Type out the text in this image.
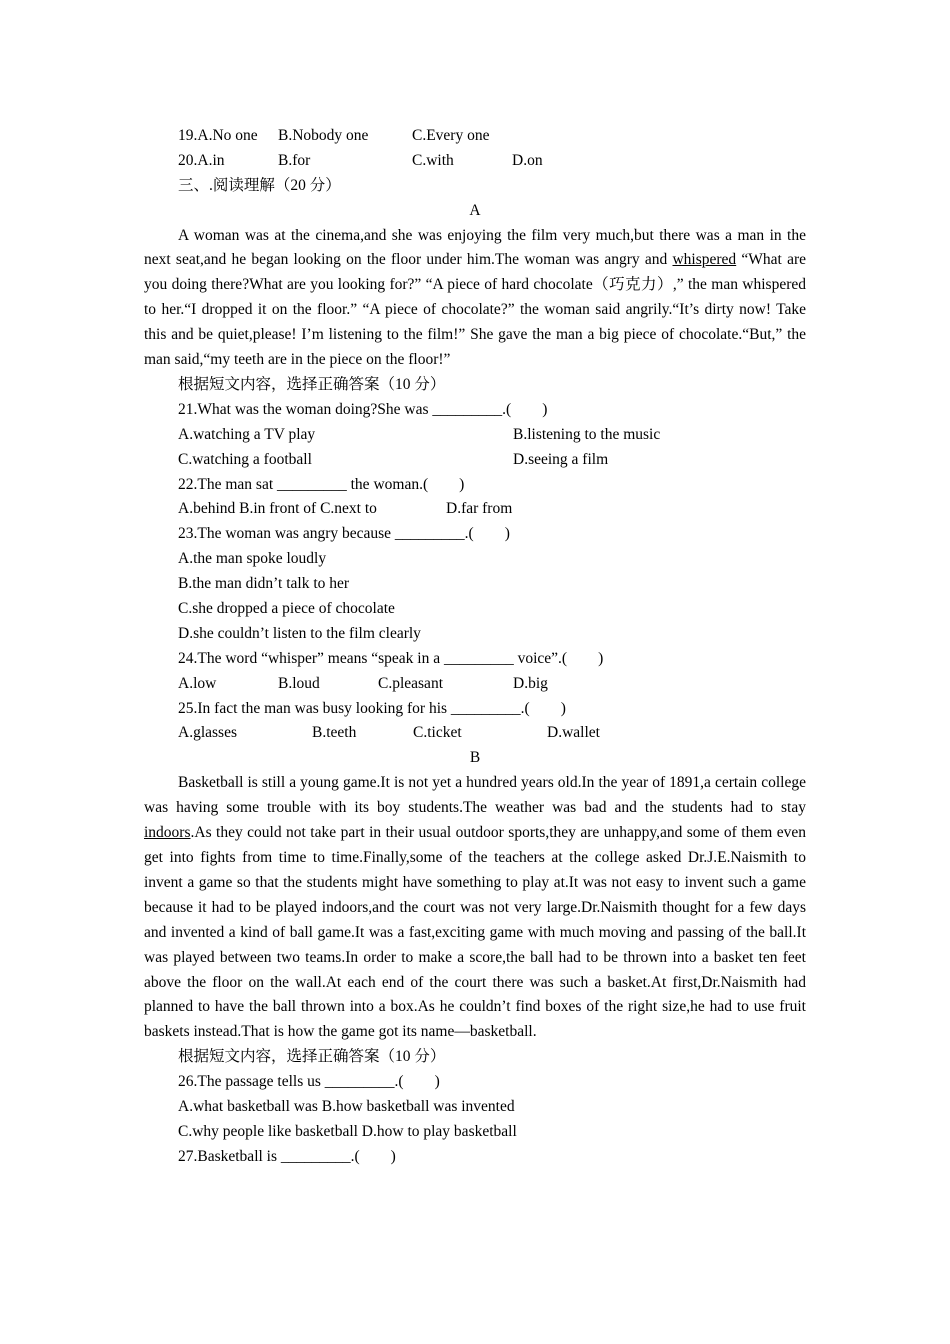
19.A.No one	B.Nobody one	C.Every one
20.A.in	B.for	C.with	D.on
三、.阅读理解（20 分）
A
A woman was at the cinema,and she was enjoying the film very much,but there was a man in the next seat,and he began looking on the floor under him.The woman was angry and whispered “What are you doing there?What are you looking for?” “A piece of hard chocolate（巧克力）,” the man whispered to her.“I dropped it on the floor.” “A piece of chocolate?” the woman said angrily.“It’s dirty now! Take this and be quiet,please! I’m listening to the film!” She gave the man a big piece of chocolate.“But,” the man said,“my teeth are in the piece on the floor!”
根据短文内容，选择正确答案（10 分）
21.What was the woman doing?She was _________.(　　)
A.watching a TV play	B.listening to the music
C.watching a football	D.seeing a film
22.The man sat _________ the woman.(　　)
A.behind B.in front of C.next to	D.far from
23.The woman was angry because _________.(　　)
A.the man spoke loudly
B.the man didn’t talk to her
C.she dropped a piece of chocolate
D.she couldn’t listen to the film clearly
24.The word “whisper” means “speak in a _________ voice”.(　　)
A.low	B.loud	C.pleasant	D.big
25.In fact the man was busy looking for his _________.(　　)
A.glasses	B.teeth	C.ticket	D.wallet
B
Basketball is still a young game.It is not yet a hundred years old.In the year of 1891,a certain college was having some trouble with its boy students.The weather was bad and the students had to stay indoors.As they could not take part in their usual outdoor sports,they are unhappy,and some of them even get into fights from time to time.Finally,some of the teachers at the college asked Dr.J.E.Naismith to invent a game so that the students might have something to play at.It was not easy to invent such a game because it had to be played indoors,and the court was not very large.Dr.Naismith thought for a few days and invented a kind of ball game.It was a fast,exciting game with much moving and passing of the ball.It was played between two teams.In order to make a score,the ball had to be thrown into a basket ten feet above the floor on the wall.At each end of the court there was such a basket.At first,Dr.Naismith had planned to have the ball thrown into a box.As he couldn’t find boxes of the right size,he had to use fruit baskets instead.That is how the game got its name—basketball.
根据短文内容，选择正确答案（10 分）
26.The passage tells us _________.(　　)
A.what basketball was B.how basketball was invented
C.why people like basketball D.how to play basketball
27.Basketball is _________.(　　)
